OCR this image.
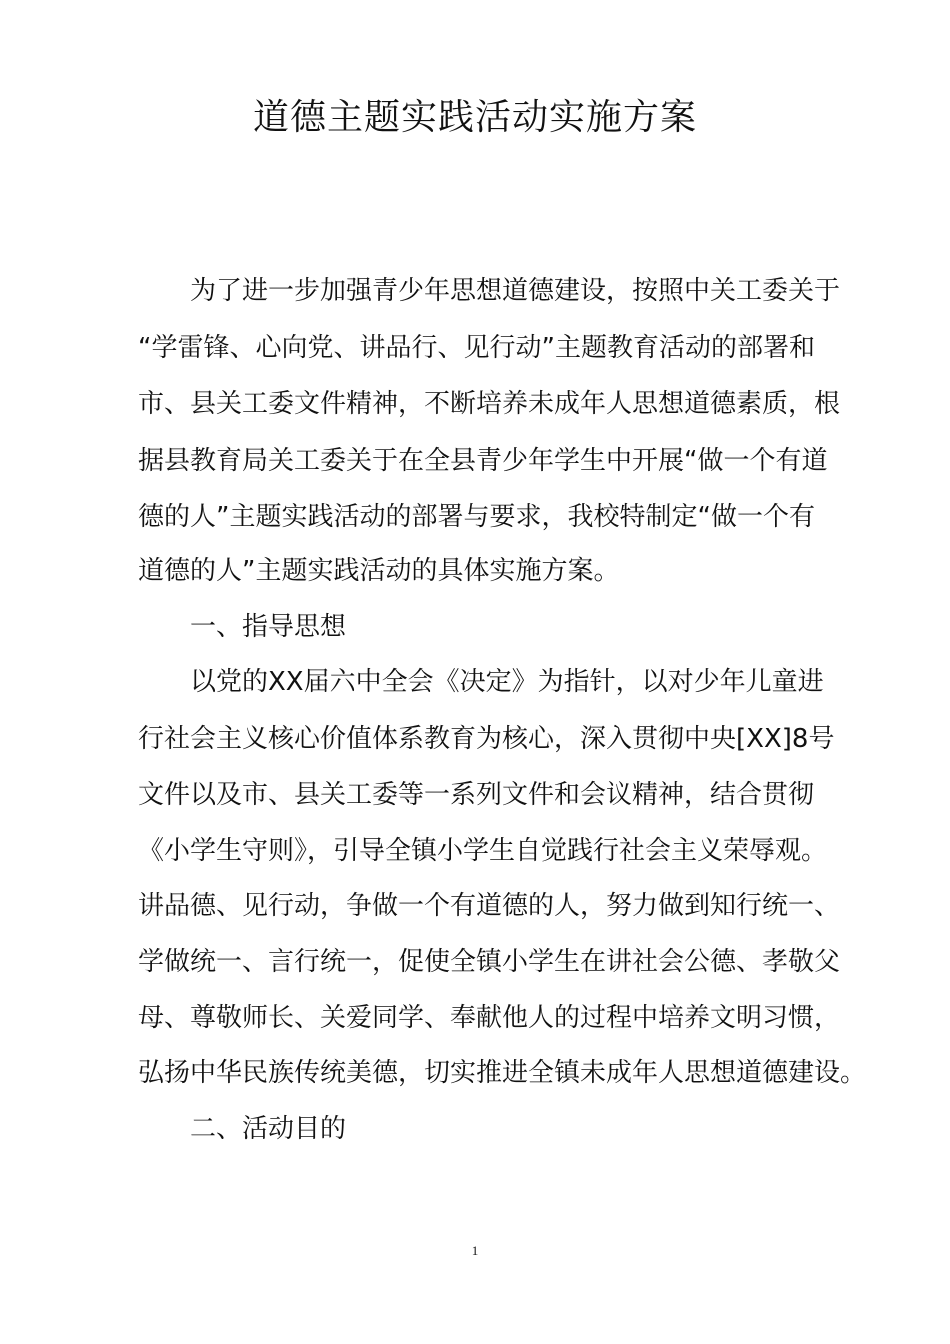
道德主题实践活动实施方案

为了进一步加强青少年思想道德建设，按照中关工委关于

“学雷锋、心向党、讲品行、见行动”主题教育活动的部署和

市、县关工委文件精神，不断培养未成年人思想道德素质，根

据县教育局关工委关于在全县青少年学生中开展“做一个有道

德的人”主题实践活动的部署与要求，我校特制定“做一个有

道德的人”主题实践活动的具体实施方案。

一、指导思想

以党的XX届六中全会《决定》为指针，以对少年儿童进

行社会主义核心价值体系教育为核心，深入贯彻中央[XX]8号

文件以及市、县关工委等一系列文件和会议精神，结合贯彻

《小学生守则》，引导全镇小学生自觉践行社会主义荣辱观。

讲品德、见行动，争做一个有道德的人，努力做到知行统一、

学做统一、言行统一，促使全镇小学生在讲社会公德、孝敬父

母、尊敬师长、关爱同学、奉献他人的过程中培养文明习惯，

弘扬中华民族传统美德，切实推进全镇未成年人思想道德建设。

二、活动目的

1
